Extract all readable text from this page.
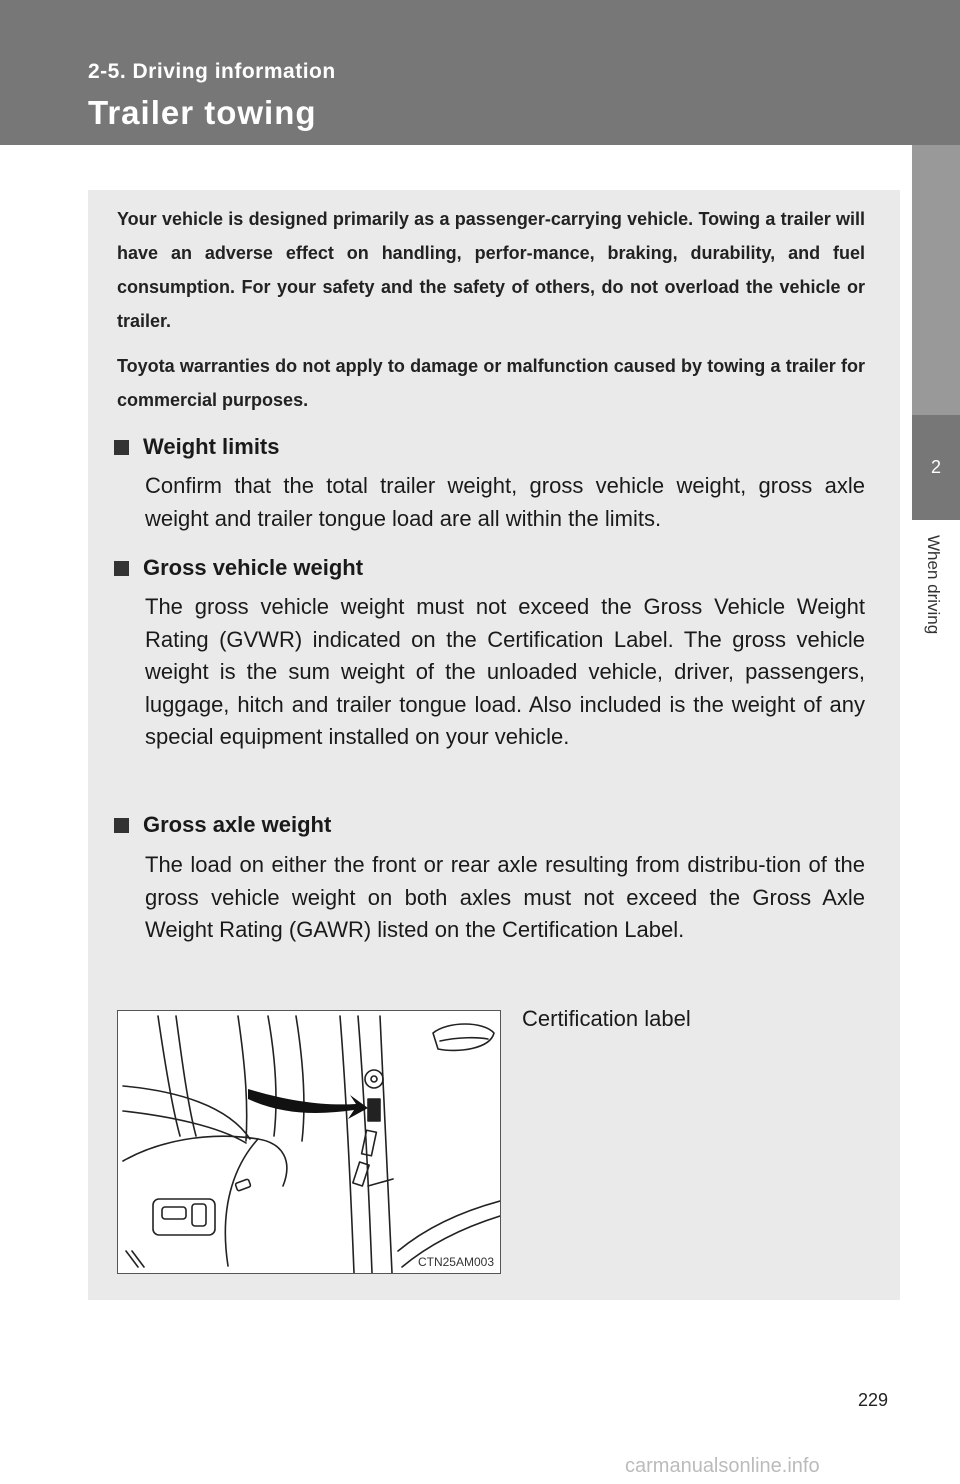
2-5. Driving information
Trailer towing
2
When driving
Your vehicle is designed primarily as a passenger-carrying vehicle. Towing a trailer will have an adverse effect on handling, perfor-mance, braking, durability, and fuel consumption. For your safety and the safety of others, do not overload the vehicle or trailer.
Toyota warranties do not apply to damage or malfunction caused by towing a trailer for commercial purposes.
Weight limits
Confirm that the total trailer weight, gross vehicle weight, gross axle weight and trailer tongue load are all within the limits.
Gross vehicle weight
The gross vehicle weight must not exceed the Gross Vehicle Weight Rating (GVWR) indicated on the Certification Label. The gross vehicle weight is the sum weight of the unloaded vehicle, driver, passengers, luggage, hitch and trailer tongue load. Also included is the weight of any special equipment installed on your vehicle.
Gross axle weight
The load on either the front or rear axle resulting from distribu-tion of the gross vehicle weight on both axles must not exceed the Gross Axle Weight Rating (GAWR) listed on the Certification Label.
CTN25AM003
Certification label
229
carmanualsonline.info
